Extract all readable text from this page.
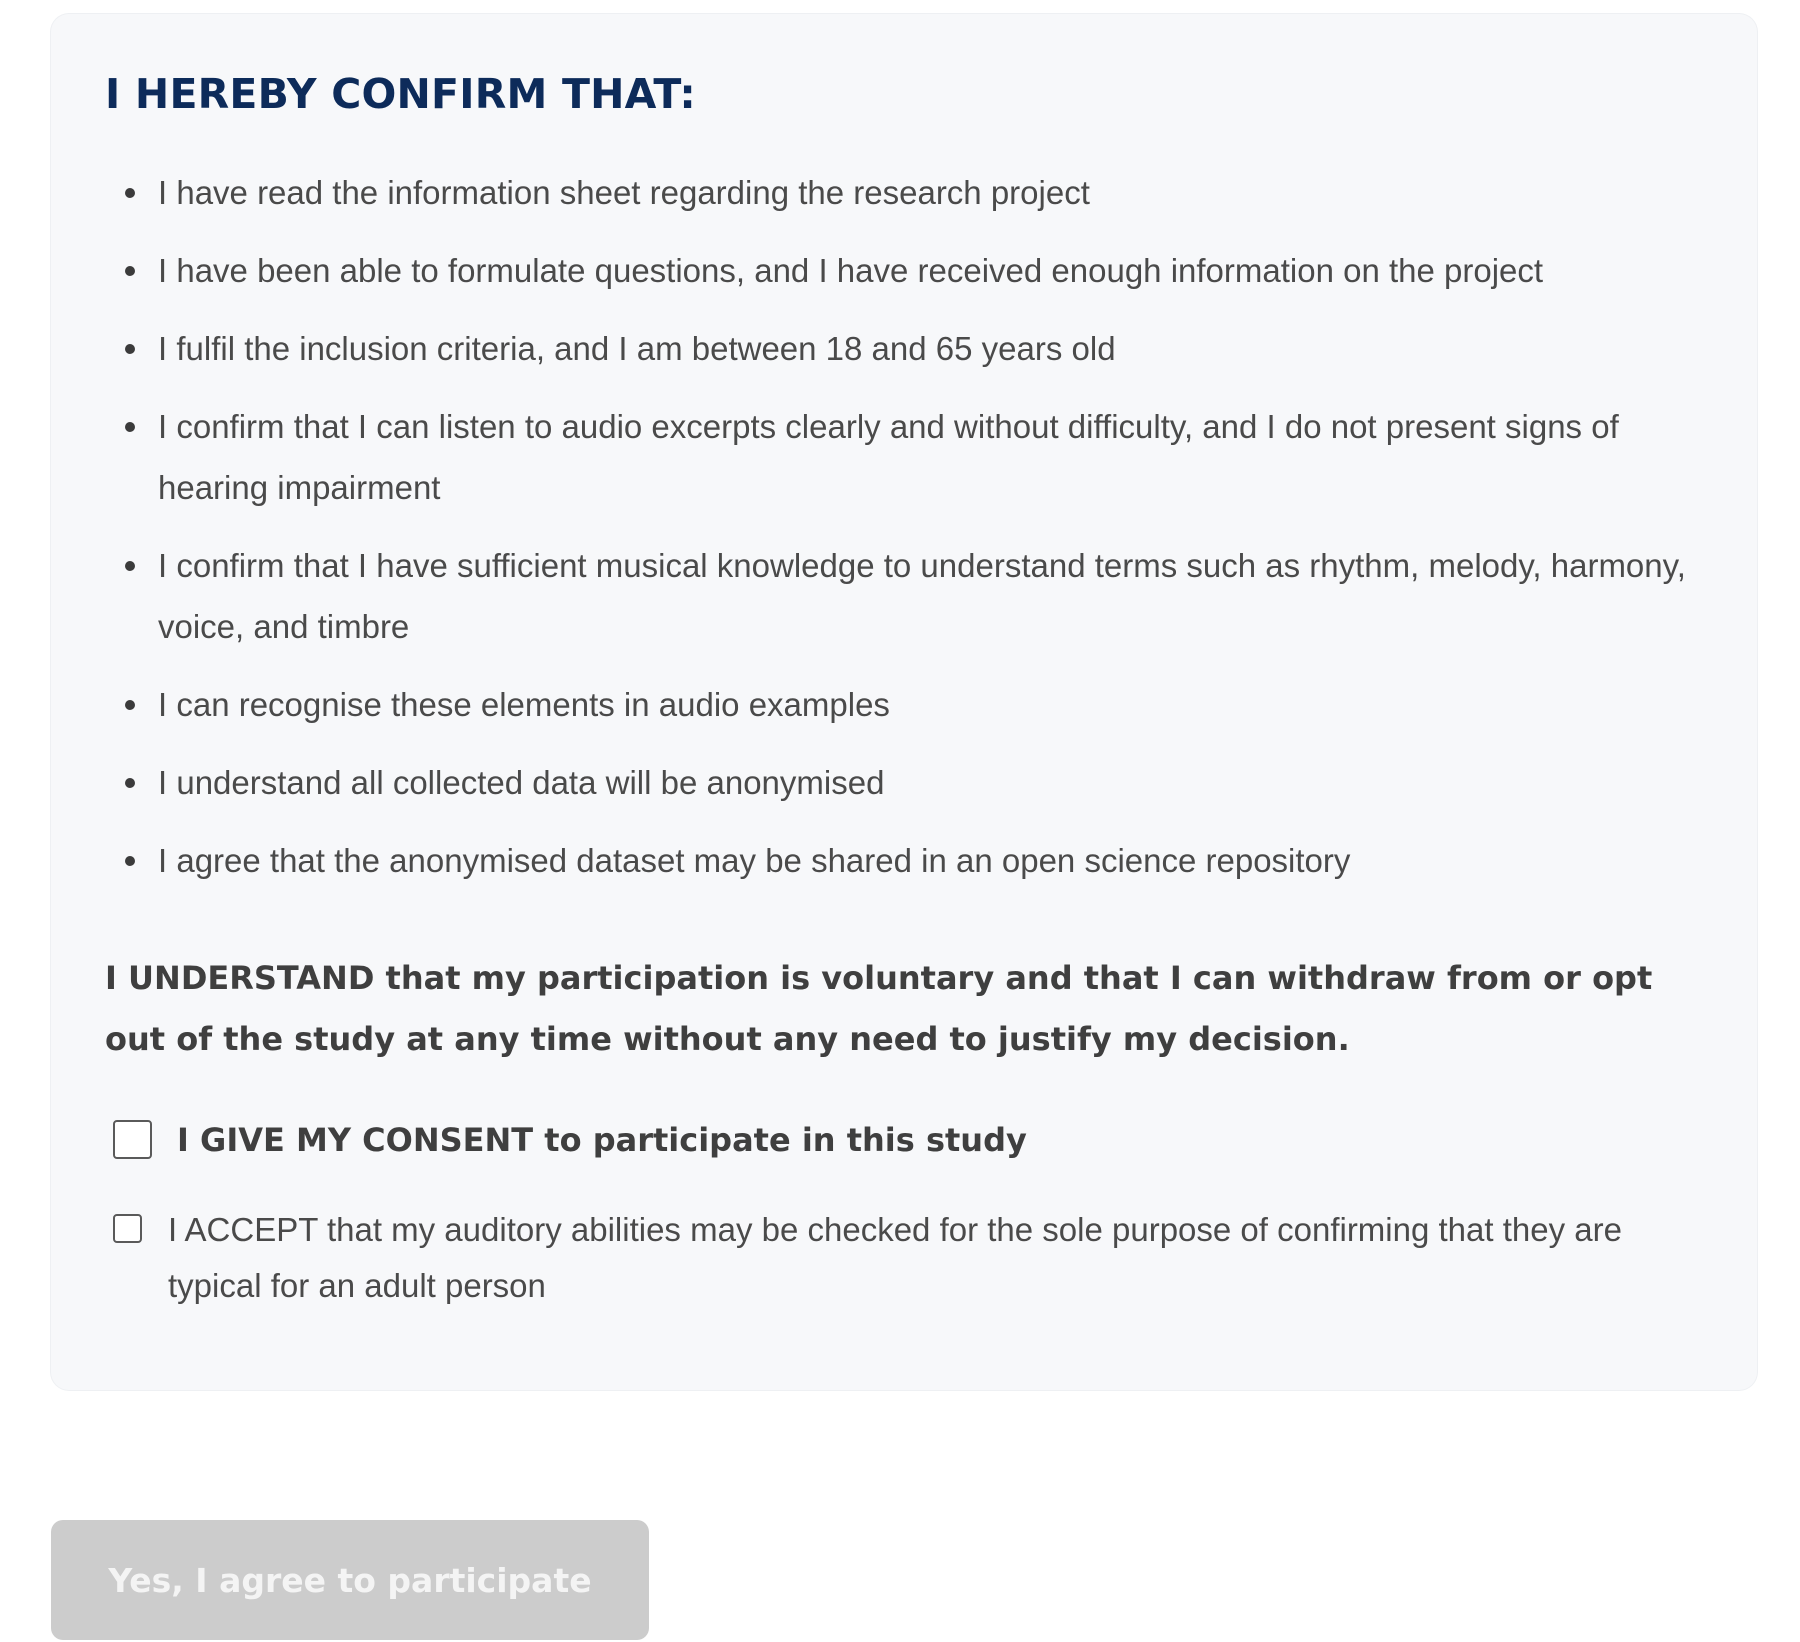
I HEREBY CONFIRM THAT:
I have read the information sheet regarding the research project
I have been able to formulate questions, and I have received enough information on the project
I fulfil the inclusion criteria, and I am between 18 and 65 years old
I confirm that I can listen to audio excerpts clearly and without difficulty, and I do not present signs of hearing impairment
I confirm that I have sufficient musical knowledge to understand terms such as rhythm, melody, harmony, voice, and timbre
I can recognise these elements in audio examples
I understand all collected data will be anonymised
I agree that the anonymised dataset may be shared in an open science repository

I UNDERSTAND that my participation is voluntary and that I can withdraw from or opt out of the study at any time without any need to justify my decision.

I GIVE MY CONSENT to participate in this study
I ACCEPT that my auditory abilities may be checked for the sole purpose of confirming that they are typical for an adult person
Yes, I agree to participate
